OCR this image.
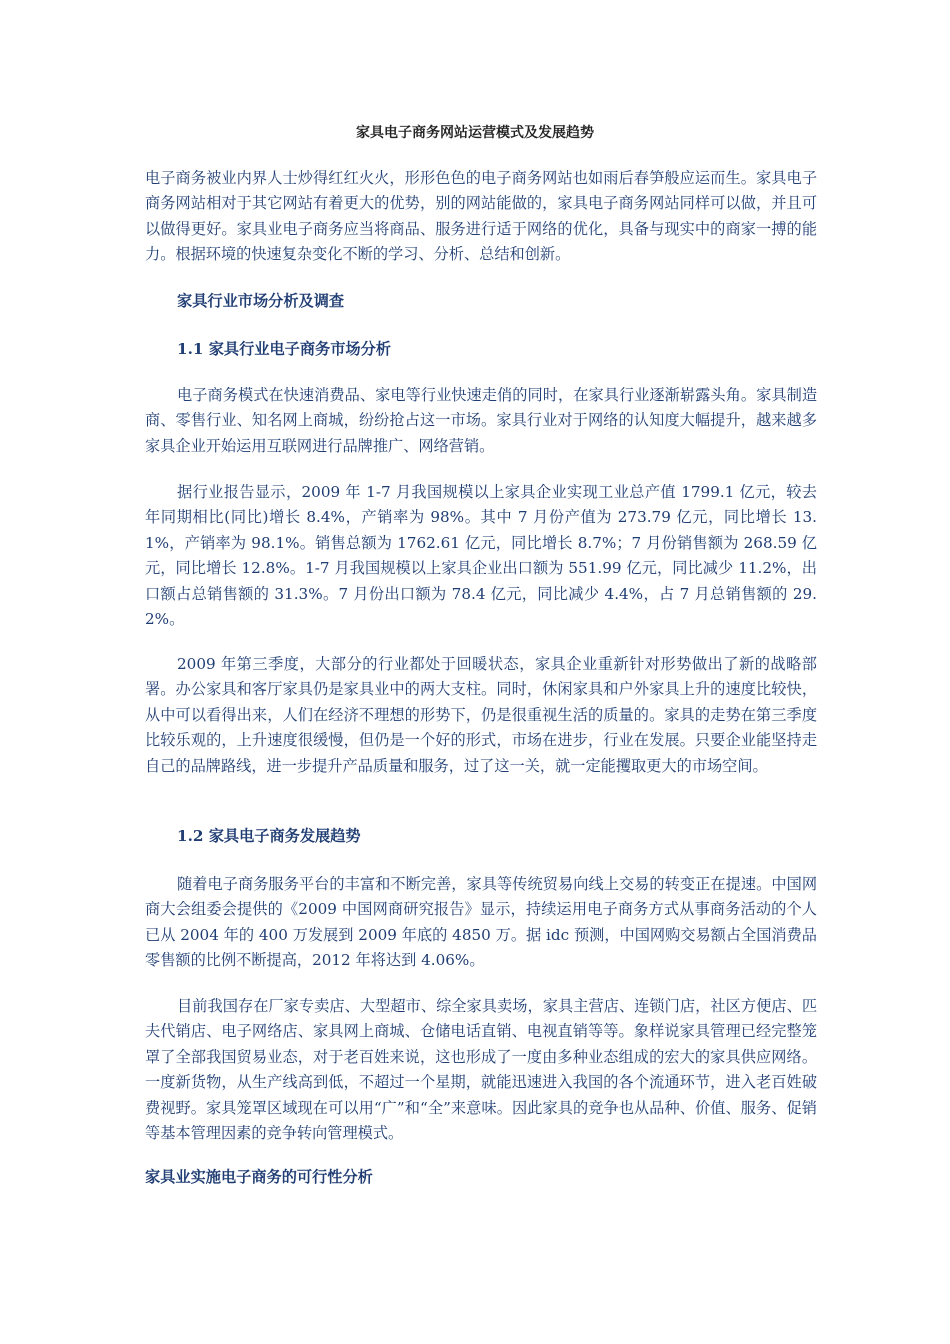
家具电子商务网站运营模式及发展趋势

电子商务被业内界人士炒得红红火火，形形色色的电子商务网站也如雨后春笋般应运而生。家具电子商务网站相对于其它网站有着更大的优势，别的网站能做的，家具电子商务网站同样可以做，并且可以做得更好。家具业电子商务应当将商品、服务进行适于网络的优化，具备与现实中的商家一搏的能力。根据环境的快速复杂变化不断的学习、分析、总结和创新。

家具行业市场分析及调查
1.1 家具行业电子商务市场分析

电子商务模式在快速消费品、家电等行业快速走俏的同时，在家具行业逐渐崭露头角。家具制造商、零售行业、知名网上商城，纷纷抢占这一市场。家具行业对于网络的认知度大幅提升，越来越多家具企业开始运用互联网进行品牌推广、网络营销。

据行业报告显示，2009 年 1-7 月我国规模以上家具企业实现工业总产值 1799.1 亿元，较去年同期相比(同比)增长 8.4%，产销率为 98%。其中 7 月份产值为 273.79 亿元，同比增长 13.1%，产销率为 98.1%。销售总额为 1762.61 亿元，同比增长 8.7%；7 月份销售额为 268.59 亿元，同比增长 12.8%。1-7 月我国规模以上家具企业出口额为 551.99 亿元，同比减少 11.2%，出口额占总销售额的 31.3%。7 月份出口额为 78.4 亿元，同比减少 4.4%，占 7 月总销售额的 29.2%。

2009 年第三季度，大部分的行业都处于回暖状态，家具企业重新针对形势做出了新的战略部署。办公家具和客厅家具仍是家具业中的两大支柱。同时，休闲家具和户外家具上升的速度比较快，从中可以看得出来，人们在经济不理想的形势下，仍是很重视生活的质量的。家具的走势在第三季度比较乐观的，上升速度很缓慢，但仍是一个好的形式，市场在进步，行业在发展。只要企业能坚持走自己的品牌路线，进一步提升产品质量和服务，过了这一关，就一定能攫取更大的市场空间。

1.2 家具电子商务发展趋势

随着电子商务服务平台的丰富和不断完善，家具等传统贸易向线上交易的转变正在提速。中国网商大会组委会提供的《2009 中国网商研究报告》显示，持续运用电子商务方式从事商务活动的个人已从 2004 年的 400 万发展到 2009 年底的 4850 万。据 idc 预测，中国网购交易额占全国消费品零售额的比例不断提高，2012 年将达到 4.06%。

目前我国存在厂家专卖店、大型超市、综全家具卖场，家具主营店、连锁门店，社区方便店、匹夫代销店、电子网络店、家具网上商城、仓储电话直销、电视直销等等。象样说家具管理已经完整笼罩了全部我国贸易业态，对于老百姓来说，这也形成了一度由多种业态组成的宏大的家具供应网络。一度新货物，从生产线高到低，不超过一个星期，就能迅速进入我国的各个流通环节，进入老百姓破费视野。家具笼罩区域现在可以用“广”和“全”来意味。因此家具的竞争也从品种、价值、服务、促销等基本管理因素的竞争转向管理模式。

家具业实施电子商务的可行性分析
